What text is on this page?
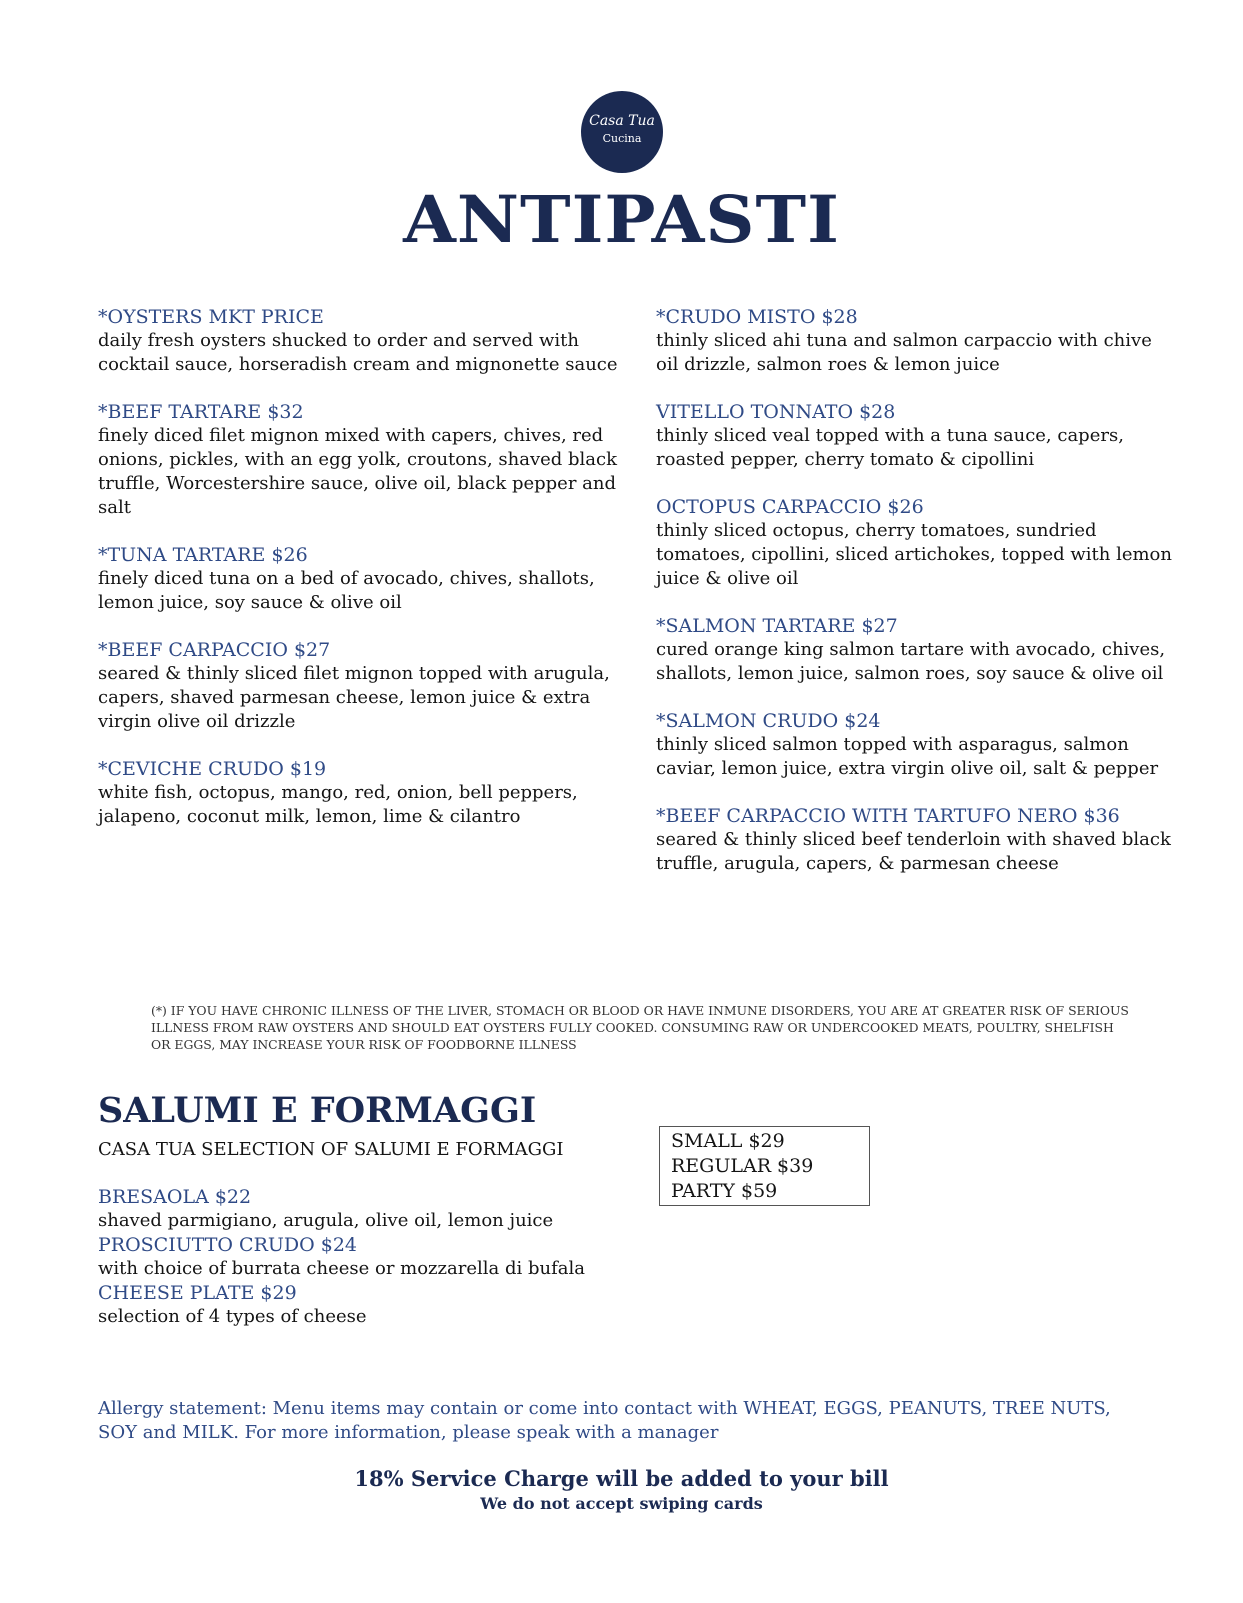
Casa Tua
Cucina
ANTIPASTI
*OYSTERS MKT PRICE
daily fresh oysters shucked to order and served with cocktail sauce, horseradish cream and mignonette sauce
*BEEF TARTARE $32
finely diced filet mignon mixed with capers, chives, red onions, pickles, with an egg yolk, croutons, shaved black truffle, Worcestershire sauce, olive oil, black pepper and salt
*TUNA TARTARE $26
finely diced tuna on a bed of avocado, chives, shallots, lemon juice, soy sauce & olive oil
*BEEF CARPACCIO $27
seared & thinly sliced filet mignon topped with arugula, capers, shaved parmesan cheese, lemon juice & extra virgin olive oil drizzle
*CEVICHE CRUDO $19
white fish, octopus, mango, red, onion, bell peppers, jalapeno, coconut milk, lemon, lime & cilantro
*CRUDO MISTO $28
thinly sliced ahi tuna and salmon carpaccio with chive oil drizzle, salmon roes & lemon juice
VITELLO TONNATO $28
thinly sliced veal topped with a tuna sauce, capers, roasted pepper, cherry tomato & cipollini
OCTOPUS CARPACCIO $26
thinly sliced octopus, cherry tomatoes, sundried tomatoes, cipollini, sliced artichokes, topped with lemon juice & olive oil
*SALMON TARTARE $27
cured orange king salmon tartare with avocado, chives, shallots, lemon juice, salmon roes, soy sauce & olive oil
*SALMON CRUDO $24
thinly sliced salmon topped with asparagus, salmon caviar, lemon juice, extra virgin olive oil, salt & pepper
*BEEF CARPACCIO WITH TARTUFO NERO $36
seared & thinly sliced beef tenderloin with shaved black truffle, arugula, capers, & parmesan cheese
(*) IF YOU HAVE CHRONIC ILLNESS OF THE LIVER, STOMACH OR BLOOD OR HAVE INMUNE DISORDERS, YOU ARE AT GREATER RISK OF SERIOUS ILLNESS FROM RAW OYSTERS AND SHOULD EAT OYSTERS FULLY COOKED. CONSUMING RAW OR UNDERCOOKED MEATS, POULTRY, SHELFISH OR EGGS, MAY INCREASE YOUR RISK OF FOODBORNE ILLNESS
SALUMI E FORMAGGI
CASA TUA SELECTION OF SALUMI E FORMAGGI	SMALL $29
REGULAR $39
PARTY $59
BRESAOLA $22
shaved parmigiano, arugula, olive oil, lemon juice
PROSCIUTTO CRUDO $24
with choice of burrata cheese or mozzarella di bufala
CHEESE PLATE $29
selection of 4 types of cheese
Allergy statement: Menu items may contain or come into contact with WHEAT, EGGS, PEANUTS, TREE NUTS, SOY and MILK. For more information, please speak with a manager
18% Service Charge will be added to your bill
We do not accept swiping cards
